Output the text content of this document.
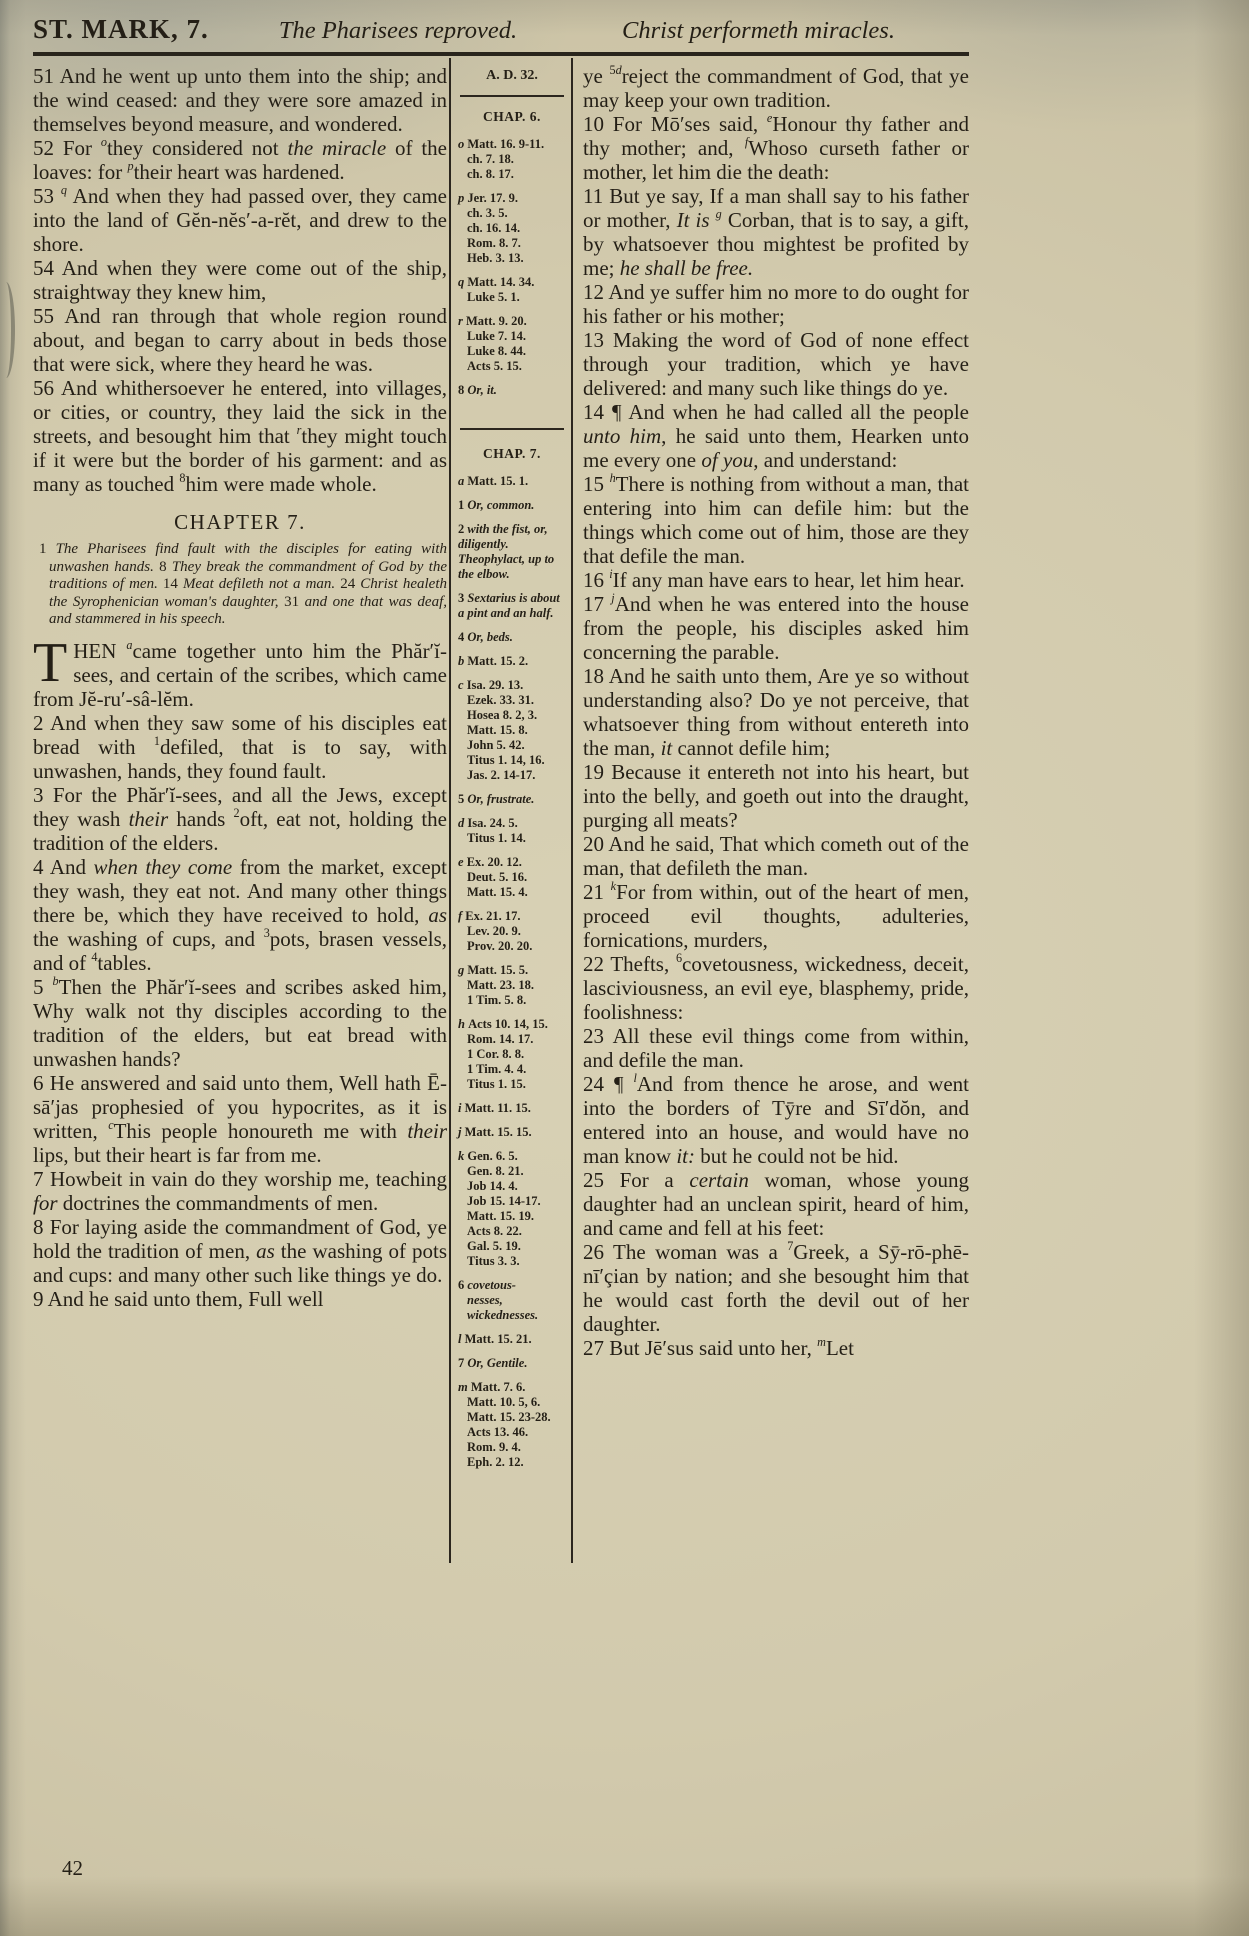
ST. MARK, 7.	The Pharisees reproved.	Christ performeth miracles.

51 And he went up unto them into the ship; and the wind ceased: and they were sore amazed in themselves beyond measure, and wondered.

52 For $^o$they considered not the miracle of the loaves: for $^p$their heart was hardened.

53 $^q$ And when they had passed over, they came into the land of Gĕn-nĕs′-a-rĕt, and drew to the shore.

54 And when they were come out of the ship, straightway they knew him,

55 And ran through that whole region round about, and began to carry about in beds those that were sick, where they heard he was.

56 And whithersoever he entered, into villages, or cities, or country, they laid the sick in the streets, and besought him that $^r$they might touch if it were but the border of his garment: and as many as touched $^8$him were made whole.

CHAPTER 7.

1 The Pharisees find fault with the disciples for eating with unwashen hands. 8 They break the commandment of God by the traditions of men. 14 Meat defileth not a man. 24 Christ healeth the Syrophenician woman's daughter, 31 and one that was deaf, and stammered in his speech.

THEN $^a$came together unto him the Phăr′ĭ-sees, and certain of the scribes, which came from Jĕ-ru′-sâ-lĕm.

2 And when they saw some of his disciples eat bread with $^1$defiled, that is to say, with unwashen, hands, they found fault.

3 For the Phăr′ĭ-sees, and all the Jews, except they wash their hands $^2$oft, eat not, holding the tradition of the elders.

4 And when they come from the market, except they wash, they eat not. And many other things there be, which they have received to hold, as the washing of cups, and $^3$pots, brasen vessels, and of $^4$tables.

5 $^b$Then the Phăr′ĭ-sees and scribes asked him, Why walk not thy disciples according to the tradition of the elders, but eat bread with unwashen hands?

6 He answered and said unto them, Well hath Ē-sā′jas prophesied of you hypocrites, as it is written, $^c$This people honoureth me with their lips, but their heart is far from me.

7 Howbeit in vain do they worship me, teaching for doctrines the commandments of men.

8 For laying aside the commandment of God, ye hold the tradition of men, as the washing of pots and cups: and many other such like things ye do.

9 And he said unto them, Full well

A. D. 32.
CHAP. 6.
o Matt. 16. 9-11.
ch. 7. 18.
ch. 8. 17.
p Jer. 17. 9.
ch. 3. 5.
ch. 16. 14.
Rom. 8. 7.
Heb. 3. 13.
q Matt. 14. 34.
Luke 5. 1.
r Matt. 9. 20.
Luke 7. 14.
Luke 8. 44.
Acts 5. 15.
8 Or, it.
CHAP. 7.
a Matt. 15. 1.
1 Or, common.
2 with the fist, or, diligently. Theophylact, up to the elbow.
3 Sextarius is about a pint and an half.
4 Or, beds.
b Matt. 15. 2.
c Isa. 29. 13.
Ezek. 33. 31.
Hosea 8. 2, 3.
Matt. 15. 8.
John 5. 42.
Titus 1. 14, 16.
Jas. 2. 14-17.
5 Or, frustrate.
d Isa. 24. 5.
Titus 1. 14.
e Ex. 20. 12.
Deut. 5. 16.
Matt. 15. 4.
f Ex. 21. 17.
Lev. 20. 9.
Prov. 20. 20.
g Matt. 15. 5.
Matt. 23. 18.
1 Tim. 5. 8.
h Acts 10. 14, 15.
Rom. 14. 17.
1 Cor. 8. 8.
1 Tim. 4. 4.
Titus 1. 15.
i Matt. 11. 15.
j Matt. 15. 15.
k Gen. 6. 5.
Gen. 8. 21.
Job 14. 4.
Job 15. 14-17.
Matt. 15. 19.
Acts 8. 22.
Gal. 5. 19.
Titus 3. 3.
6 covetous-
nesses,
wickednesses.
l Matt. 15. 21.
7 Or, Gentile.
m Matt. 7. 6.
Matt. 10. 5, 6.
Matt. 15. 23-28.
Acts 13. 46.
Rom. 9. 4.
Eph. 2. 12.

ye $^{5d}$reject the commandment of God, that ye may keep your own tradition.

10 For Mō′ses said, $^e$Honour thy father and thy mother; and, $^f$Whoso curseth father or mother, let him die the death:

11 But ye say, If a man shall say to his father or mother, It is $^g$ Corban, that is to say, a gift, by whatsoever thou mightest be profited by me; he shall be free.

12 And ye suffer him no more to do ought for his father or his mother;

13 Making the word of God of none effect through your tradition, which ye have delivered: and many such like things do ye.

14 ¶ And when he had called all the people unto him, he said unto them, Hearken unto me every one of you, and understand:

15 $^h$There is nothing from without a man, that entering into him can defile him: but the things which come out of him, those are they that defile the man.

16 $^i$If any man have ears to hear, let him hear.

17 $^j$And when he was entered into the house from the people, his disciples asked him concerning the parable.

18 And he saith unto them, Are ye so without understanding also? Do ye not perceive, that whatsoever thing from without entereth into the man, it cannot defile him;

19 Because it entereth not into his heart, but into the belly, and goeth out into the draught, purging all meats?

20 And he said, That which cometh out of the man, that defileth the man.

21 $^k$For from within, out of the heart of men, proceed evil thoughts, adulteries, fornications, murders,

22 Thefts, $^6$covetousness, wickedness, deceit, lasciviousness, an evil eye, blasphemy, pride, foolishness:

23 All these evil things come from within, and defile the man.

24 ¶ $^l$And from thence he arose, and went into the borders of Tȳre and Sī′dŏn, and entered into an house, and would have no man know it: but he could not be hid.

25 For a certain woman, whose young daughter had an unclean spirit, heard of him, and came and fell at his feet:

26 The woman was a $^7$Greek, a Sȳ-rō-phē-nī′çian by nation; and she besought him that he would cast forth the devil out of her daughter.

27 But Jē′sus said unto her, $^m$Let

42
